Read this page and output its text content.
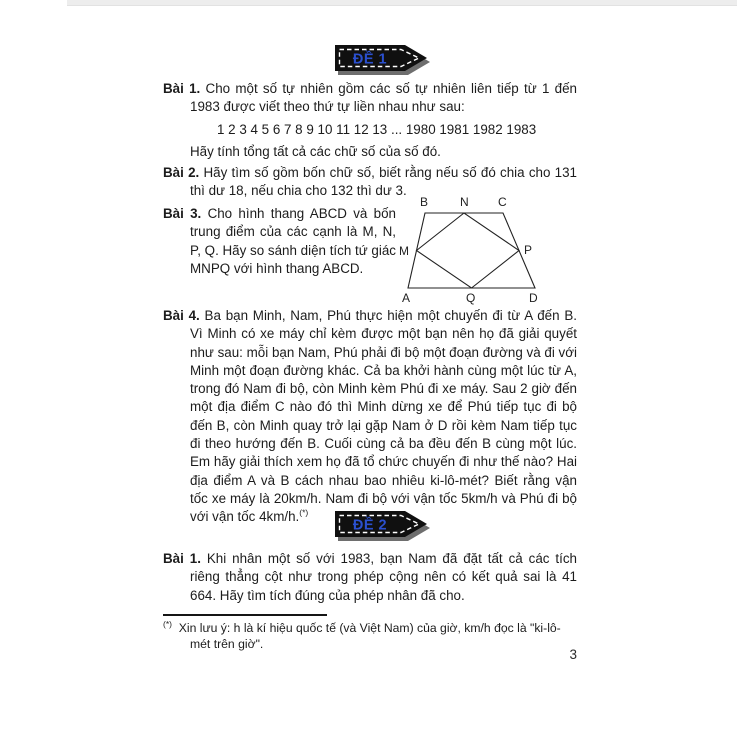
ĐỀ 1
Bài 1. Cho một số tự nhiên gồm các số tự nhiên liên tiếp từ 1 đến 1983 được viết theo thứ tự liền nhau như sau:
1 2 3 4 5 6 7 8 9 10 11 12 13 ... 1980 1981 1982 1983
Hãy tính tổng tất cả các chữ số của số đó.
Bài 2. Hãy tìm số gồm bốn chữ số, biết rằng nếu số đó chia cho 131 thì dư 18, nếu chia cho 132 thì dư 3.
Bài 3. Cho hình thang ABCD và bốn trung điểm của các cạnh là M, N, P, Q. Hãy so sánh diện tích tứ giác MNPQ với hình thang ABCD.
B	N C
M	P
A	Q	D
Bài 4. Ba bạn Minh, Nam, Phú thực hiện một chuyến đi từ A đến B. Vì Minh có xe máy chỉ kèm được một bạn nên họ đã giải quyết như sau: mỗi bạn Nam, Phú phải đi bộ một đoạn đường và đi với Minh một đoạn đường khác. Cả ba khởi hành cùng một lúc từ A, trong đó Nam đi bộ, còn Minh kèm Phú đi xe máy. Sau 2 giờ đến một địa điểm C nào đó thì Minh dừng xe để Phú tiếp tục đi bộ đến B, còn Minh quay trở lại gặp Nam ở D rồi kèm Nam tiếp tục đi theo hướng đến B. Cuối cùng cả ba đều đến B cùng một lúc. Em hãy giải thích xem họ đã tổ chức chuyến đi như thế nào? Hai địa điểm A và B cách nhau bao nhiêu ki-lô-mét? Biết rằng vận tốc xe máy là 20km/h. Nam đi bộ với vận tốc 5km/h và Phú đi bộ với vận tốc 4km/h.(*)
ĐỀ 2
Bài 1. Khi nhân một số với 1983, bạn Nam đã đặt tất cả các tích riêng thẳng cột như trong phép cộng nên có kết quả sai là 41 664. Hãy tìm tích đúng của phép nhân đã cho.
(*) Xin lưu ý: h là kí hiệu quốc tế (và Việt Nam) của giờ, km/h đọc là "ki-lô-mét trên giờ".
3
